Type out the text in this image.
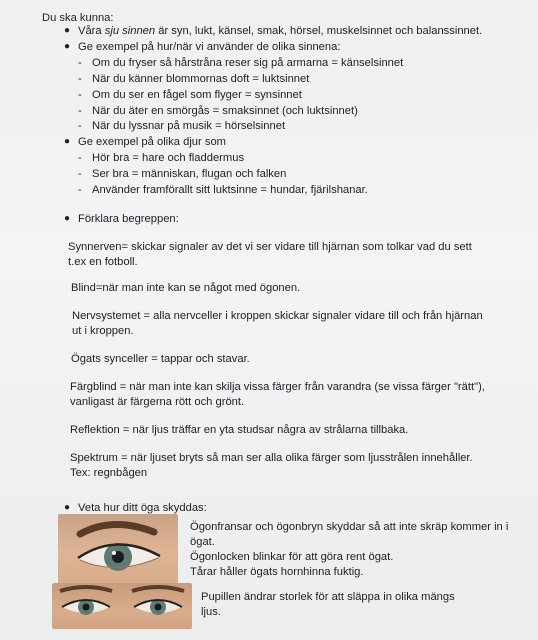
Du ska kunna:
● Våra sju sinnen är syn, lukt, känsel, smak, hörsel, muskelsinnet och balanssinnet.
● Ge exempel på hur/när vi använder de olika sinnena:
- Om du fryser så hårstråna reser sig på armarna = känselsinnet
- När du känner blommornas doft = luktsinnet
- Om du ser en fågel som flyger = synsinnet
- När du äter en smörgås = smaksinnet (och luktsinnet)
- När du lyssnar på musik = hörselsinnet
● Ge exempel på olika djur som
- Hör bra = hare och fladdermus
- Ser bra = människan, flugan och falken
- Använder framförallt sitt luktsinne = hundar, fjärilshanar.
● Förklara begreppen:
Synnerven= skickar signaler av det vi ser vidare till hjärnan som tolkar vad du sett
t.ex en fotboll.
Blind=när man inte kan se något med ögonen.
Nervsystemet = alla nervceller i kroppen skickar signaler vidare till och från hjärnan
ut i kroppen.
Ögats synceller = tappar och stavar.
Färgblind = när man inte kan skilja vissa färger från varandra (se vissa färger "rätt"),
vanligast är färgerna rött och grönt.
Reflektion = när ljus träffar en yta studsar några av strålarna tillbaka.
Spektrum = när ljuset bryts så man ser alla olika färger som ljusstrålen innehåller.
Tex: regnbågen
● Veta hur ditt öga skyddas:
Ögonfransar och ögonbryn skyddar så att inte skräp kommer in i
ögat.
Ögonlocken blinkar för att göra rent ögat.
Tårar håller ögats hornhinna fuktig.
Pupillen ändrar storlek för att släppa in olika mängs
ljus.
